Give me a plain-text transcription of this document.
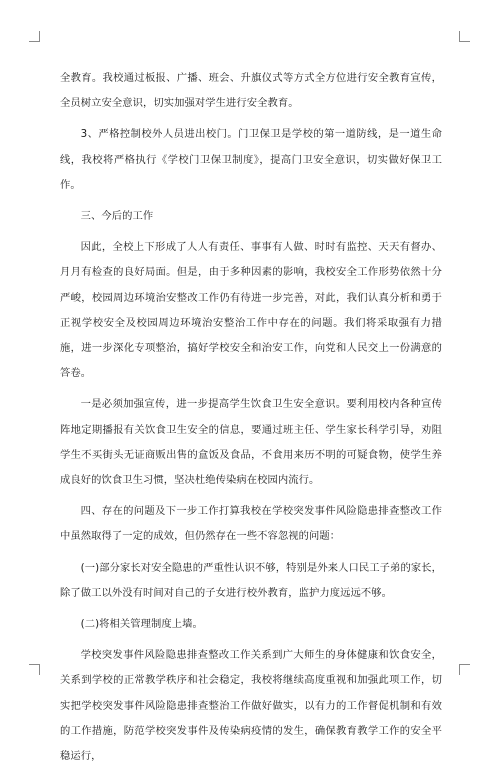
全教育。我校通过板报、广播、班会、升旗仪式等方式全方位进行安全教育宣传，全员树立安全意识，切实加强对学生进行安全教育。

3、严格控制校外人员进出校门。门卫保卫是学校的第一道防线，是一道生命线，我校将严格执行《学校门卫保卫制度》，提高门卫安全意识，切实做好保卫工作。

三、今后的工作

因此，全校上下形成了人人有责任、事事有人做、时时有监控、天天有督办、月月有检查的良好局面。但是，由于多种因素的影响，我校安全工作形势依然十分严峻，校园周边环境治安整改工作仍有待进一步完善，对此，我们认真分析和勇于正视学校安全及校园周边环境治安整治工作中存在的问题。我们将采取强有力措施，进一步深化专项整治，搞好学校安全和治安工作，向党和人民交上一份满意的答卷。

一是必须加强宣传，进一步提高学生饮食卫生安全意识。要利用校内各种宣传阵地定期播报有关饮食卫生安全的信息，要通过班主任、学生家长科学引导，劝阻学生不买街头无证商贩出售的盒饭及食品，不食用来历不明的可疑食物，使学生养成良好的饮食卫生习惯，坚决杜绝传染病在校园内流行。

四、存在的问题及下一步工作打算我校在学校突发事件风险隐患排查整改工作中虽然取得了一定的成效，但仍然存在一些不容忽视的问题：

(一)部分家长对安全隐患的严重性认识不够，特别是外来人口民工子弟的家长，除了做工以外没有时间对自己的子女进行校外教育，监护力度远远不够。

(二)将相关管理制度上墙。

学校突发事件风险隐患排查整改工作关系到广大师生的身体健康和饮食安全，关系到学校的正常教学秩序和社会稳定，我校将继续高度重视和加强此项工作，切实把学校突发事件风险隐患排查整治工作做好做实，以有力的工作督促机制和有效的工作措施，防范学校突发事件及传染病疫情的发生，确保教育教学工作的安全平稳运行，
